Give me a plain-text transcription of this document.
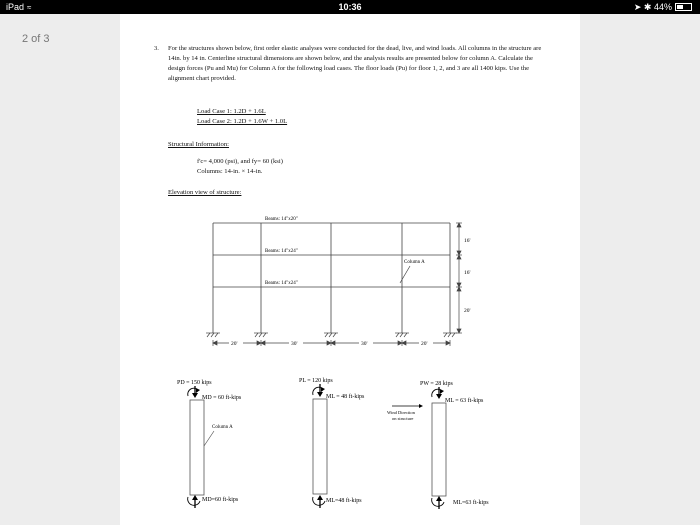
iPad ≈	10:36	➤ ✱ 44%
2 of 3
3. For the structures shown below, first order elastic analyses were conducted for the dead, live, and wind loads. All columns in the structure are 14in. by 14 in. Centerline structural dimensions are shown below, and the analysis results are presented below for column A. Calculate the design forces (Pu and Mu) for Column A for the following load cases. The floor loads (Pu) for floor 1, 2, and 3 are all 1400 kips. Use the alignment chart provided.
Load Case 1: 1.2D + 1.6L
Load Case 2: 1.2D + 1.6W + 1.0L
Structural Information:
f'c= 4,000 (psi), and fy= 60 (ksi)
Columns: 14-in. × 14-in.
Elevation view of structure:
Beams: 14"x20"
Beams: 14"x24"
Beams: 14"x24"
Column A
16'
16'
20'
20'	30'	30'	20'
PD = 150 kips
MD = 60 ft-kips
Column A
MD=60 ft-kips
PL = 120 kips
ML = 48 ft-kips
ML=48 ft-kips
PW = 28 kips
ML = 63 ft-kips
Wind Direction
on structure
ML=63 ft-kips
